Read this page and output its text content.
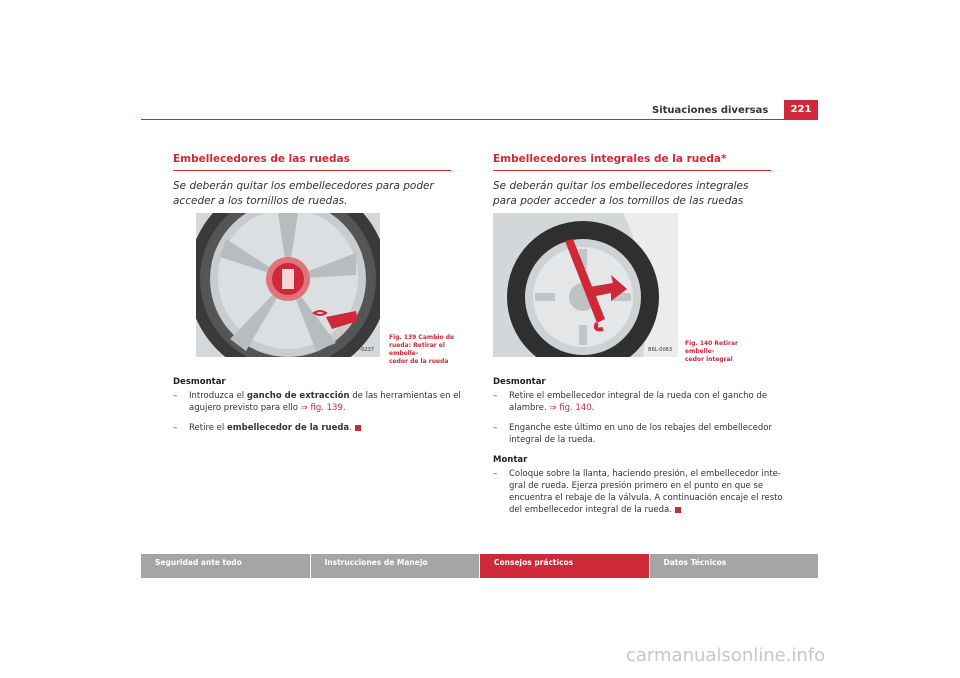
Situaciones diversas	221
Embellecedores de las ruedas
Se deberán quitar los embellecedores para poder acceder a los tornillos de ruedas.
B5P-0237
Fig. 139 Cambio de
rueda: Retirar el embelle-
cedor de la rueda
Desmontar
– Introduzca el gancho de extracción de las herramientas en el
agujero previsto para ello ⇒ fig. 139.
– Retire el embellecedor de la rueda.
Embellecedores integrales de la rueda*
Se deberán quitar los embellecedores integrales para poder acceder a los tornillos de las ruedas
B6L-0063
Fig. 140 Retirar embelle-
cedor integral
Desmontar
– Retire el embellecedor integral de la rueda con el gancho de
alambre. ⇒ fig. 140.
– Enganche este último en uno de los rebajes del embellecedor
integral de la rueda.
Montar
– Coloque sobre la llanta, haciendo presión, el embellecedor inte-
gral de rueda. Ejerza presión primero en el punto en que se
encuentra el rebaje de la válvula. A continuación encaje el resto
del embellecedor integral de la rueda.
Seguridad ante todo	Instrucciones de Manejo	Consejos prácticos	Datos Técnicos
carmanualsonline.info
